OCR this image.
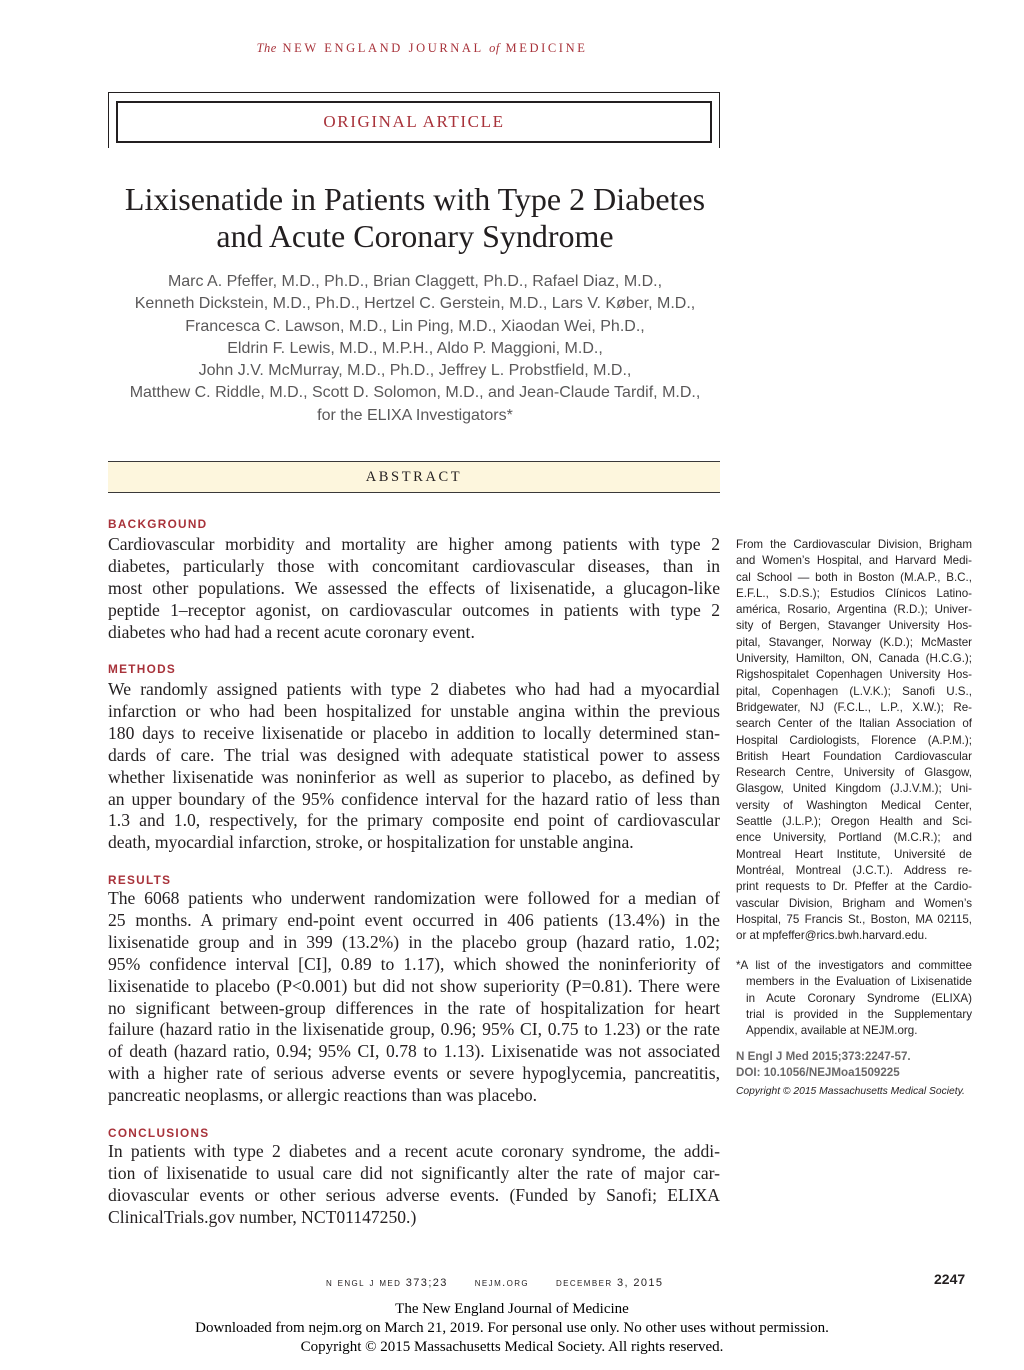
The NEW ENGLAND JOURNAL of MEDICINE
ORIGINAL ARTICLE
Lixisenatide in Patients with Type 2 Diabetes
and Acute Coronary Syndrome
Marc A. Pfeffer, M.D., Ph.D., Brian Claggett, Ph.D., Rafael Diaz, M.D.,
Kenneth Dickstein, M.D., Ph.D., Hertzel C. Gerstein, M.D., Lars V. Køber, M.D.,
Francesca C. Lawson, M.D., Lin Ping, M.D., Xiaodan Wei, Ph.D.,
Eldrin F. Lewis, M.D., M.P.H., Aldo P. Maggioni, M.D.,
John J.V. McMurray, M.D., Ph.D., Jeffrey L. Probstfield, M.D.,
Matthew C. Riddle, M.D., Scott D. Solomon, M.D., and Jean-Claude Tardif, M.D.,
for the ELIXA Investigators*
ABSTRACT
BACKGROUND
Cardiovascular morbidity and mortality are higher among patients with type 2
diabetes, particularly those with concomitant cardiovascular diseases, than in
most other populations. We assessed the effects of lixisenatide, a glucagon-like
peptide 1–receptor agonist, on cardiovascular outcomes in patients with type 2
diabetes who had had a recent acute coronary event.
METHODS
We randomly assigned patients with type 2 diabetes who had had a myocardial
infarction or who had been hospitalized for unstable angina within the previous
180 days to receive lixisenatide or placebo in addition to locally determined stan-
dards of care. The trial was designed with adequate statistical power to assess
whether lixisenatide was noninferior as well as superior to placebo, as defined by
an upper boundary of the 95% confidence interval for the hazard ratio of less than
1.3 and 1.0, respectively, for the primary composite end point of cardiovascular
death, myocardial infarction, stroke, or hospitalization for unstable angina.
RESULTS
The 6068 patients who underwent randomization were followed for a median of
25 months. A primary end-point event occurred in 406 patients (13.4%) in the
lixisenatide group and in 399 (13.2%) in the placebo group (hazard ratio, 1.02;
95% confidence interval [CI], 0.89 to 1.17), which showed the noninferiority of
lixisenatide to placebo (P<0.001) but did not show superiority (P=0.81). There were
no significant between-group differences in the rate of hospitalization for heart
failure (hazard ratio in the lixisenatide group, 0.96; 95% CI, 0.75 to 1.23) or the rate
of death (hazard ratio, 0.94; 95% CI, 0.78 to 1.13). Lixisenatide was not associated
with a higher rate of serious adverse events or severe hypoglycemia, pancreatitis,
pancreatic neoplasms, or allergic reactions than was placebo.
CONCLUSIONS
In patients with type 2 diabetes and a recent acute coronary syndrome, the addi-
tion of lixisenatide to usual care did not significantly alter the rate of major car-
diovascular events or other serious adverse events. (Funded by Sanofi; ELIXA
ClinicalTrials.gov number, NCT01147250.)
From the Cardiovascular Division, Brigham
and Women’s Hospital, and Harvard Medi-
cal School — both in Boston (M.A.P., B.C.,
E.F.L., S.D.S.); Estudios Clínicos Latino-
américa, Rosario, Argentina (R.D.); Univer-
sity of Bergen, Stavanger University Hos-
pital, Stavanger, Norway (K.D.); McMaster
University, Hamilton, ON, Canada (H.C.G.);
Rigshospitalet Copenhagen University Hos-
pital, Copenhagen (L.V.K.); Sanofi U.S.,
Bridgewater, NJ (F.C.L., L.P., X.W.); Re-
search Center of the Italian Association of
Hospital Cardiologists, Florence (A.P.M.);
British Heart Foundation Cardiovascular
Research Centre, University of Glasgow,
Glasgow, United Kingdom (J.J.V.M.); Uni-
versity of Washington Medical Center,
Seattle (J.L.P.); Oregon Health and Sci-
ence University, Portland (M.C.R.); and
Montreal Heart Institute, Université de
Montréal, Montreal (J.C.T.). Address re-
print requests to Dr. Pfeffer at the Cardio-
vascular Division, Brigham and Women’s
Hospital, 75 Francis St., Boston, MA 02115,
or at mpfeffer@rics.bwh.harvard.edu.
*A list of the investigators and committee
members in the Evaluation of Lixisenatide
in Acute Coronary Syndrome (ELIXA)
trial is provided in the Supplementary
Appendix, available at NEJM.org.
N Engl J Med 2015;373:2247-57.
DOI: 10.1056/NEJMoa1509225
Copyright © 2015 Massachusetts Medical Society.
n engl j med 373;23 nejm.org december 3, 2015	2247
The New England Journal of Medicine
Downloaded from nejm.org on March 21, 2019. For personal use only. No other uses without permission.
Copyright © 2015 Massachusetts Medical Society. All rights reserved.
